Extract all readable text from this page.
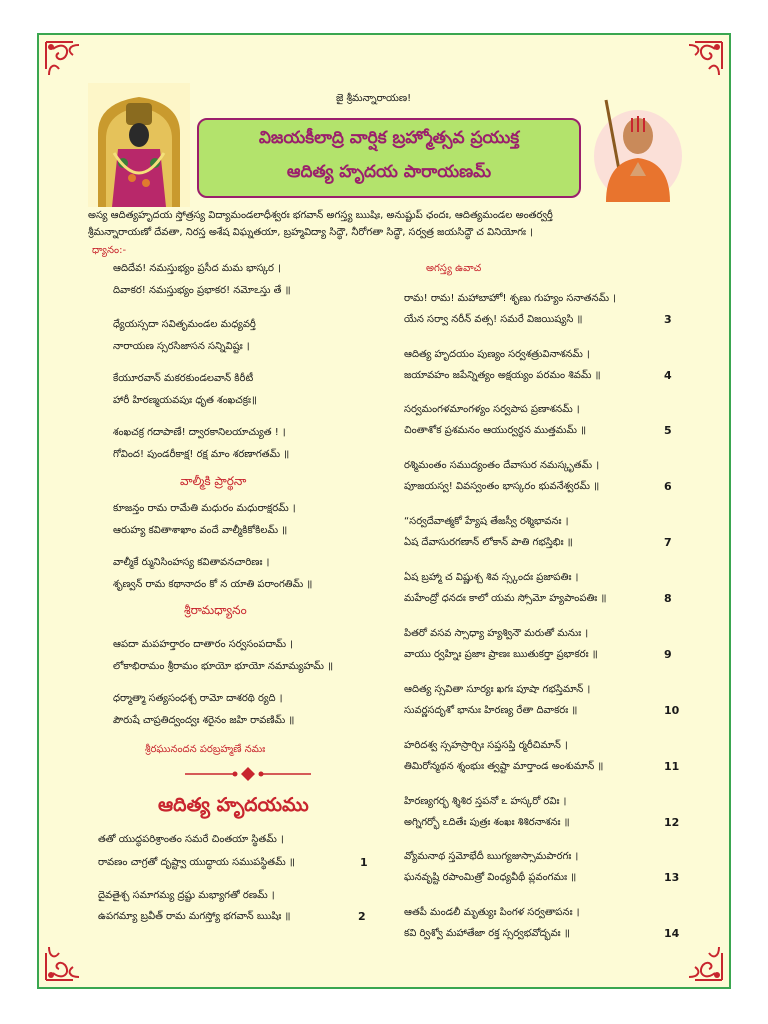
జై శ్రీమన్నారాయణ!
విజయకీలాద్రి వార్షిక బ్రహ్మోత్సవ ప్రయుక్త
ఆదిత్య హృదయ పారాయణమ్
అస్య ఆదిత్యహృదయ స్తోత్రస్య విద్యామండలాధీశ్వరః భగవాన్ అగస్త్య ఋషిః, అనుష్టుప్ ఛందః, ఆదిత్యమండల అంతర్వర్తీ
శ్రీమన్నారాయణో దేవతా, నిరస్త అశేష విఘ్నతయా, బ్రహ్మవిద్యా సిద్ధౌ, నీరోగతా సిద్ధౌ, సర్వత్ర జయసిద్ధౌ చ వినియోగః ।
ధ్యానం:-
ఆదిదేవ! నమస్తుభ్యం ప్రసీద మమ భాస్కర ।
దివాకర! నమస్తుభ్యం ప్రభాకర! నమోఽస్తు తే ॥
ధ్యేయస్సదా సవితృమండల మధ్యవర్తీ
నారాయణ స్సరసిజాసన సన్నివిష్టః ।
కేయూరవాన్ మకరకుండలవాన్ కిరీటీ
హారీ హిరణ్మయవపుః ధృత శంఖచక్రః॥
శంఖచక్ర గదాపాణే! ద్వారకానిలయాచ్యుత ! ।
గోవింద! పుండరీకాక్ష! రక్ష మాం శరణాగతమ్ ॥
వాల్మీకి ప్రార్థనా
కూజన్తం రామ రామేతి మధురం మధురాక్షరమ్ ।
ఆరుహ్య కవితాశాఖాం వందే వాల్మీకికోకిలమ్ ॥
వాల్మీకే ర్మునిసింహస్య కవితావనచారిణః ।
శృణ్వన్ రామ కథానాదం కో న యాతి పరాంగతిమ్ ॥
శ్రీరామధ్యానం
ఆపదా మపహర్తారం దాతారం సర్వసంపదామ్ ।
లోకాభిరామం శ్రీరామం భూయో భూయో నమామ్యహమ్ ॥
ధర్మాత్మా సత్యసంధశ్చ రామో దాశరథి ర్యది ।
పౌరుషే చాప్రతిద్వంద్వః శరైనం జహి రావణిమ్ ॥
శ్రీరఘునందన పరబ్రహ్మణే నమః
ఆదిత్య హృదయము
తతో యుద్ధపరిశ్రాంతం సమరే చింతయా స్థితమ్ ।
రావణం చాగ్రతో దృష్ట్వా యుద్ధాయ సముపస్థితమ్ ॥	1
దైవతైశ్చ సమాగమ్య ద్రష్టు మభ్యాగతో రణమ్ ।
ఉపగమ్యా బ్రవీత్ రామ మగస్త్యో భగవాన్ ఋషిః ॥	2
అగస్త్య ఉవాచ
రామ! రామ! మహాబాహో! శృణు గుహ్యం సనాతనమ్ ।
యేన సర్వా నరీన్ వత్స! సమరే విజయిష్యసి ॥	3
ఆదిత్య హృదయం పుణ్యం సర్వశత్రువినాశనమ్ ।
జయావహం జపేన్నిత్యం అక్షయ్యం పరమం శివమ్ ॥	4
సర్వమంగళమాంగళ్యం సర్వపాప ప్రణాశనమ్ ।
చింతాశోక ప్రశమనం ఆయుర్వర్ధన ముత్తమమ్ ॥	5
రశ్మిమంతం సముద్యంతం దేవాసుర నమస్కృతమ్ ।
పూజయస్వ! వివస్వంతం భాస్కరం భువనేశ్వరమ్ ॥	6
“సర్వదేవాత్మకో హ్యేష తేజస్వీ రశ్మిభావనః ।
ఏష దేవాసురగణాన్ లోకాన్ పాతి గభస్తిభిః ॥	7
ఏష బ్రహ్మా చ విష్ణుశ్చ శివ స్స్కందః ప్రజాపతిః ।
మహేంద్రో ధనదః కాలో యమ స్సోమో హ్యపాంపతిః ॥	8
పితరో వసవ స్సాధ్యా హ్యశ్వినౌ మరుతో మనుః ।
వాయు ర్వహ్నిః ప్రజాః ప్రాణః ఋతుకర్తా ప్రభాకరః ॥	9
ఆదిత్య స్సవితా సూర్యః ఖగః పూషా గభస్తిమాన్ ।
సువర్ణసదృశో భానుః హిరణ్య రేతా దివాకరః ॥	10
హరిదశ్వ స్సహస్రార్చిః సప్తసప్తి ర్మరీచిమాన్ ।
తిమిరోన్మథన శ్శంభుః త్వష్టా మార్తాండ అంశుమాన్ ॥	11
హిరణ్యగర్భ శ్శిశిర స్తపనో ఽ హస్కరో రవిః ।
అగ్నిగర్భో ఽదితేః పుత్రః శంఖః శిశిరనాశనః ॥	12
వ్యోమనాథ స్తమోభేదీ ఋగ్యజుస్సామపారగః ।
ఘనవృష్టి రపాంమిత్రో వింధ్యవీథీ ప్లవంగమః ॥	13
ఆతపీ మండలీ మృత్యుః పింగళ సర్వతాపనః ।
కవి ర్విశ్వో మహాతేజా రక్త స్సర్వభవోద్భవః ॥	14
